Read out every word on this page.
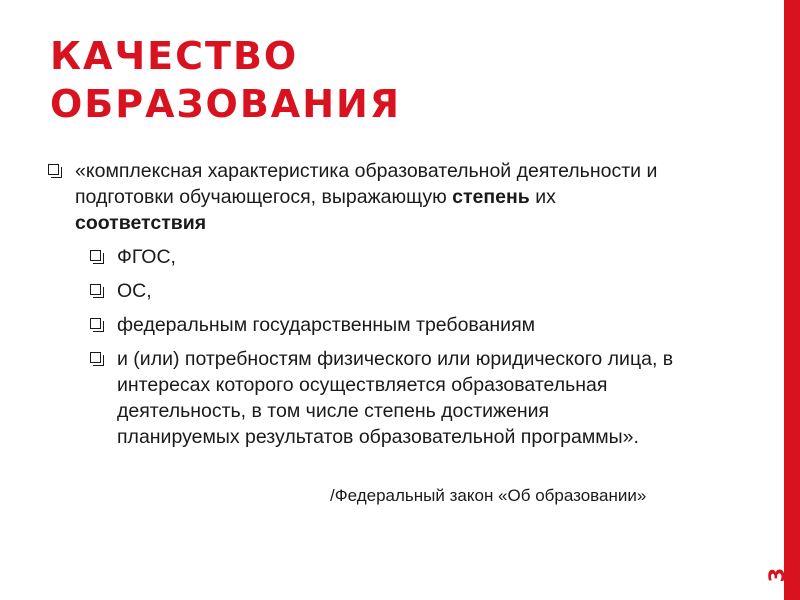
КАЧЕСТВО
ОБРАЗОВАНИЯ
«комплексная характеристика образовательной деятельности и подготовки обучающегося, выражающую степень их соответствия
ФГОС,
ОС,
федеральным государственным требованиям
и (или) потребностям физического или юридического лица, в интересах которого осуществляется образовательная деятельность, в том числе степень достижения планируемых результатов образовательной программы».
/Федеральный закон «Об образовании»
3
